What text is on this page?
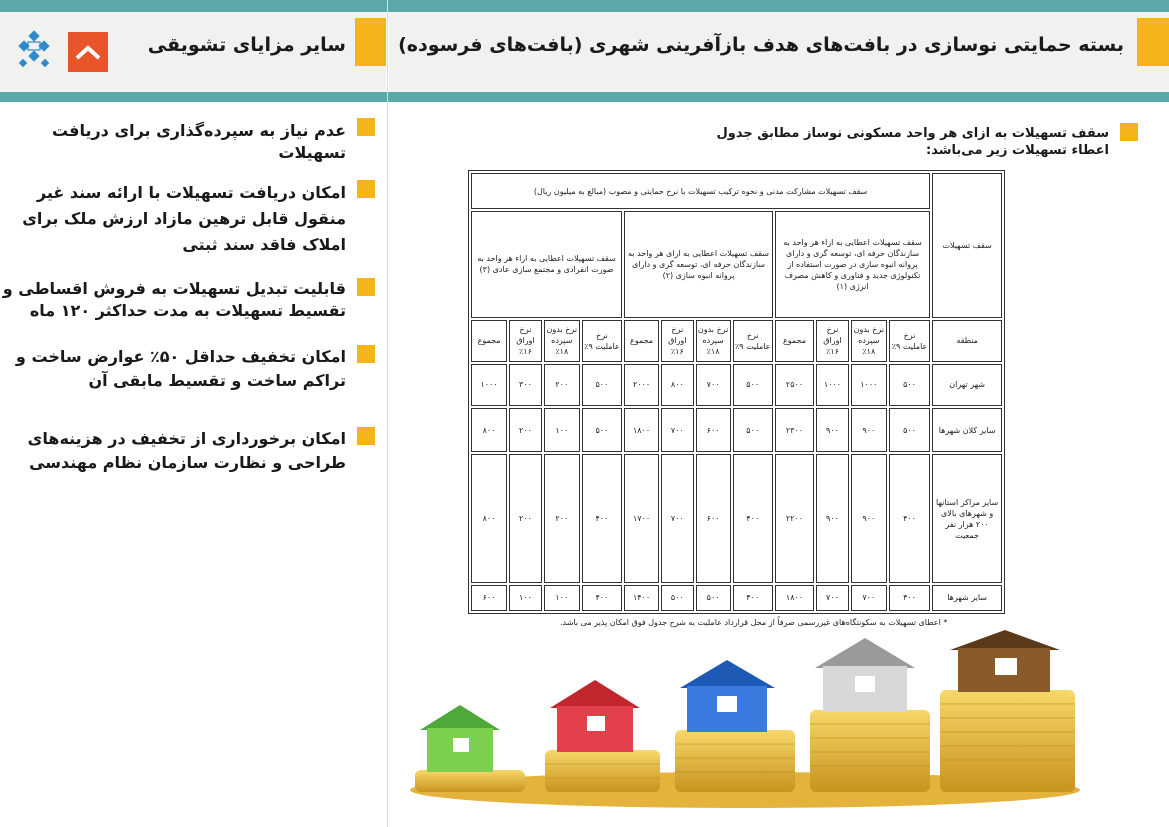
بسته حمایتی نوسازی در بافت‌های هدف بازآفرینی شهری (بافت‌های فرسوده)
سایر مزایای تشویقی
عدم نیاز به سپرده‌گذاری برای دریافت تسهیلات
امکان دریافت تسهیلات با ارائه سند غیر منقول قابل ترهین مازاد ارزش ملک برای املاک فاقد سند ثبتی
قابلیت تبدیل تسهیلات به فروش اقساطی و تقسیط تسهیلات به مدت حداکثر ۱۲۰ ماه
امکان تخفیف حداقل ۵۰٪ عوارض ساخت و تراکم ساخت و تقسیط مابقی آن
امکان برخورداری از تخفیف در هزینه‌های طراحی و نظارت سازمان نظام مهندسی
سقف تسهیلات به ازای هر واحد مسکونی نوساز مطابق جدول اعطاء تسهیلات زیر می‌باشد:
سقف تسهیلات	سقف تسهیلات مشارکت مدنی و نحوه ترکیب تسهیلات با نرخ حمایتی و مصوب (مبالغ به میلیون ریال)											
	سقف تسهیلات اعطایی به ازاء هر واحد به سازندگان حرفه ای، توسعه گری و دارای پروانه انبوه سازی در صورت استفاده از تکنولوژی جدید و فناوری و کاهش مصرف انرژی (۱)				سقف تسهیلات اعطایی به ازای هر واحد به سازندگان حرفه ای، توسعه گری و دارای پروانه انبوه سازی (۲)				سقف تسهیلات اعطایی به ازاء هر واحد به صورت انفرادی و مجتمع سازی عادی (۳)			
منطقه	نرخ عاملیت ۹٪	نرخ بدون سپرده ۱۸٪	نرخ اوراق ۱۶٪	مجموع	نرخ عاملیت ۹٪	نرخ بدون سپرده ۱۸٪	نرخ اوراق ۱۶٪	مجموع	نرخ عاملیت ۹٪	نرخ بدون سپرده ۱۸٪	نرخ اوراق ۱۶٪	مجموع
شهر تهران	۵۰۰	۱۰۰۰	۱۰۰۰	۲۵۰۰	۵۰۰	۷۰۰	۸۰۰	۲۰۰۰	۵۰۰	۲۰۰	۳۰۰	۱۰۰۰
سایر کلان شهرها	۵۰۰	۹۰۰	۹۰۰	۲۳۰۰	۵۰۰	۶۰۰	۷۰۰	۱۸۰۰	۵۰۰	۱۰۰	۲۰۰	۸۰۰
سایر مراکز استانها و شهرهای بالای ۲۰۰ هزار نفر جمعیت	۴۰۰	۹۰۰	۹۰۰	۲۲۰۰	۴۰۰	۶۰۰	۷۰۰	۱۷۰۰	۴۰۰	۲۰۰	۲۰۰	۸۰۰
سایر شهرها	۴۰۰	۷۰۰	۷۰۰	۱۸۰۰	۴۰۰	۵۰۰	۵۰۰	۱۴۰۰	۴۰۰	۱۰۰	۱۰۰	۶۰۰
* اعطای تسهیلات به سکونتگاه‌های غیررسمی صرفاً از محل قرارداد عاملیت به شرح جدول فوق امکان پذیر می باشد.
